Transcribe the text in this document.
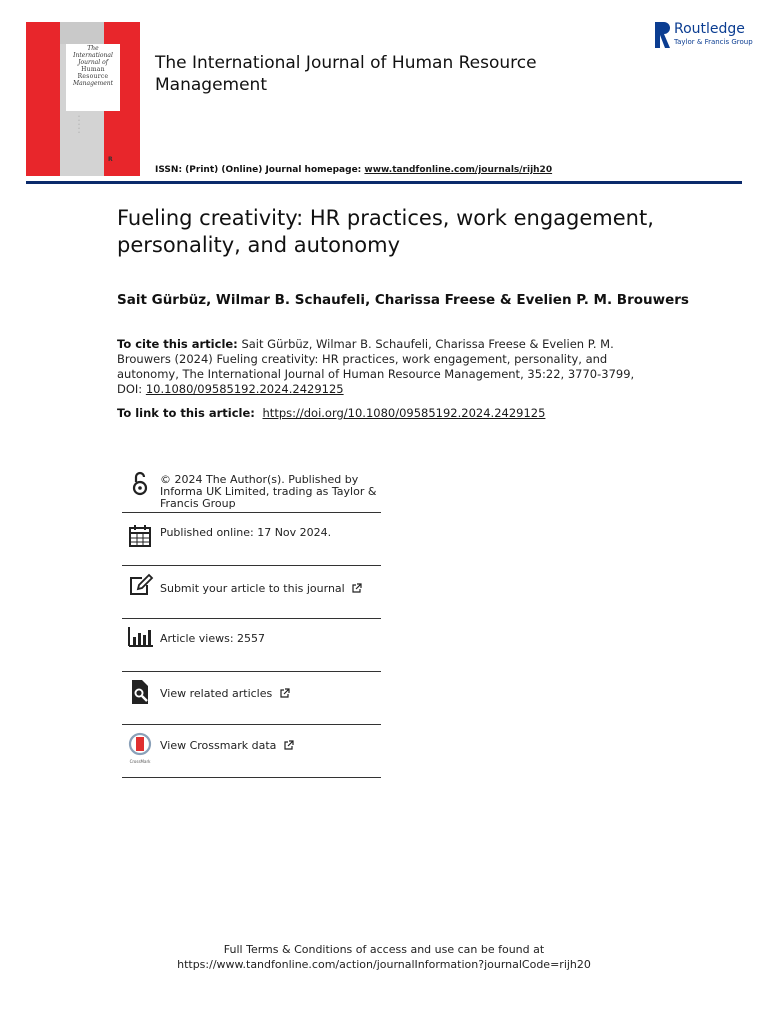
The
International
Journal of
Human
Resource
Management
•
•
•
•
•
R
The International Journal of Human Resource Management
Routledge
Taylor & Francis Group
ISSN: (Print) (Online) Journal homepage: www.tandfonline.com/journals/rijh20
Fueling creativity: HR practices, work engagement, personality, and autonomy
Sait Gürbüz, Wilmar B. Schaufeli, Charissa Freese & Evelien P. M. Brouwers
To cite this article: Sait Gürbüz, Wilmar B. Schaufeli, Charissa Freese & Evelien P. M. Brouwers (2024) Fueling creativity: HR practices, work engagement, personality, and autonomy, The International Journal of Human Resource Management, 35:22, 3770-3799, DOI: 10.1080/09585192.2024.2429125
To link to this article: https://doi.org/10.1080/09585192.2024.2429125
© 2024 The Author(s). Published by Informa UK Limited, trading as Taylor & Francis Group
Published online: 17 Nov 2024.
Submit your article to this journal
Article views: 2557
View related articles
CrossMark
View Crossmark data
Full Terms & Conditions of access and use can be found at
https://www.tandfonline.com/action/journalInformation?journalCode=rijh20
